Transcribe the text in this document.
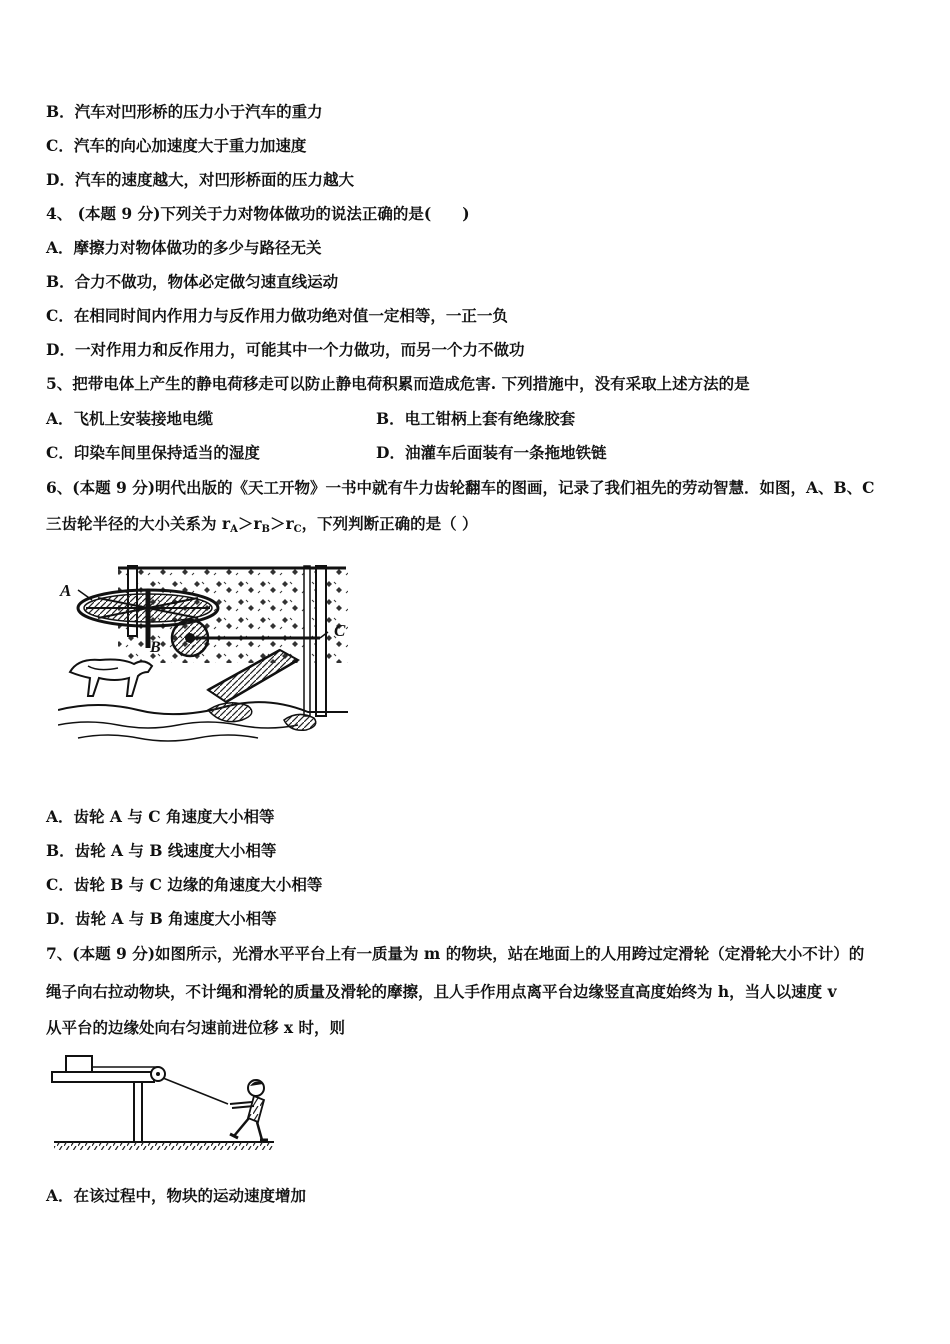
B．汽车对凹形桥的压力小于汽车的重力
C．汽车的向心加速度大于重力加速度
D．汽车的速度越大，对凹形桥面的压力越大
4、 (本题 9 分)下列关于力对物体做功的说法正确的是(　　)
A．摩擦力对物体做功的多少与路径无关
B．合力不做功，物体必定做匀速直线运动
C．在相同时间内作用力与反作用力做功绝对值一定相等，一正一负
D．一对作用力和反作用力，可能其中一个力做功，而另一个力不做功
5、把带电体上产生的静电荷移走可以防止静电荷积累而造成危害. 下列措施中，没有采取上述方法的是
A．飞机上安装接地电缆	B．电工钳柄上套有绝缘胶套
C．印染车间里保持适当的湿度	D．油灌车后面装有一条拖地铁链
6、(本题 9 分)明代出版的《天工开物》一书中就有牛力齿轮翻车的图画，记录了我们祖先的劳动智慧．如图，A、B、C
三齿轮半径的大小关系为 $r_A>r_B>r_C$，下列判断正确的是（ ）
A
B
C
A．齿轮 A 与 C 角速度大小相等
B．齿轮 A 与 B 线速度大小相等
C．齿轮 B 与 C 边缘的角速度大小相等
D．齿轮 A 与 B 角速度大小相等
7、(本题 9 分)如图所示，光滑水平平台上有一质量为 m 的物块，站在地面上的人用跨过定滑轮（定滑轮大小不计）的
绳子向右拉动物块，不计绳和滑轮的质量及滑轮的摩擦，且人手作用点离平台边缘竖直高度始终为 h，当人以速度 v
从平台的边缘处向右匀速前进位移 x 时，则
A．在该过程中，物块的运动速度增加
